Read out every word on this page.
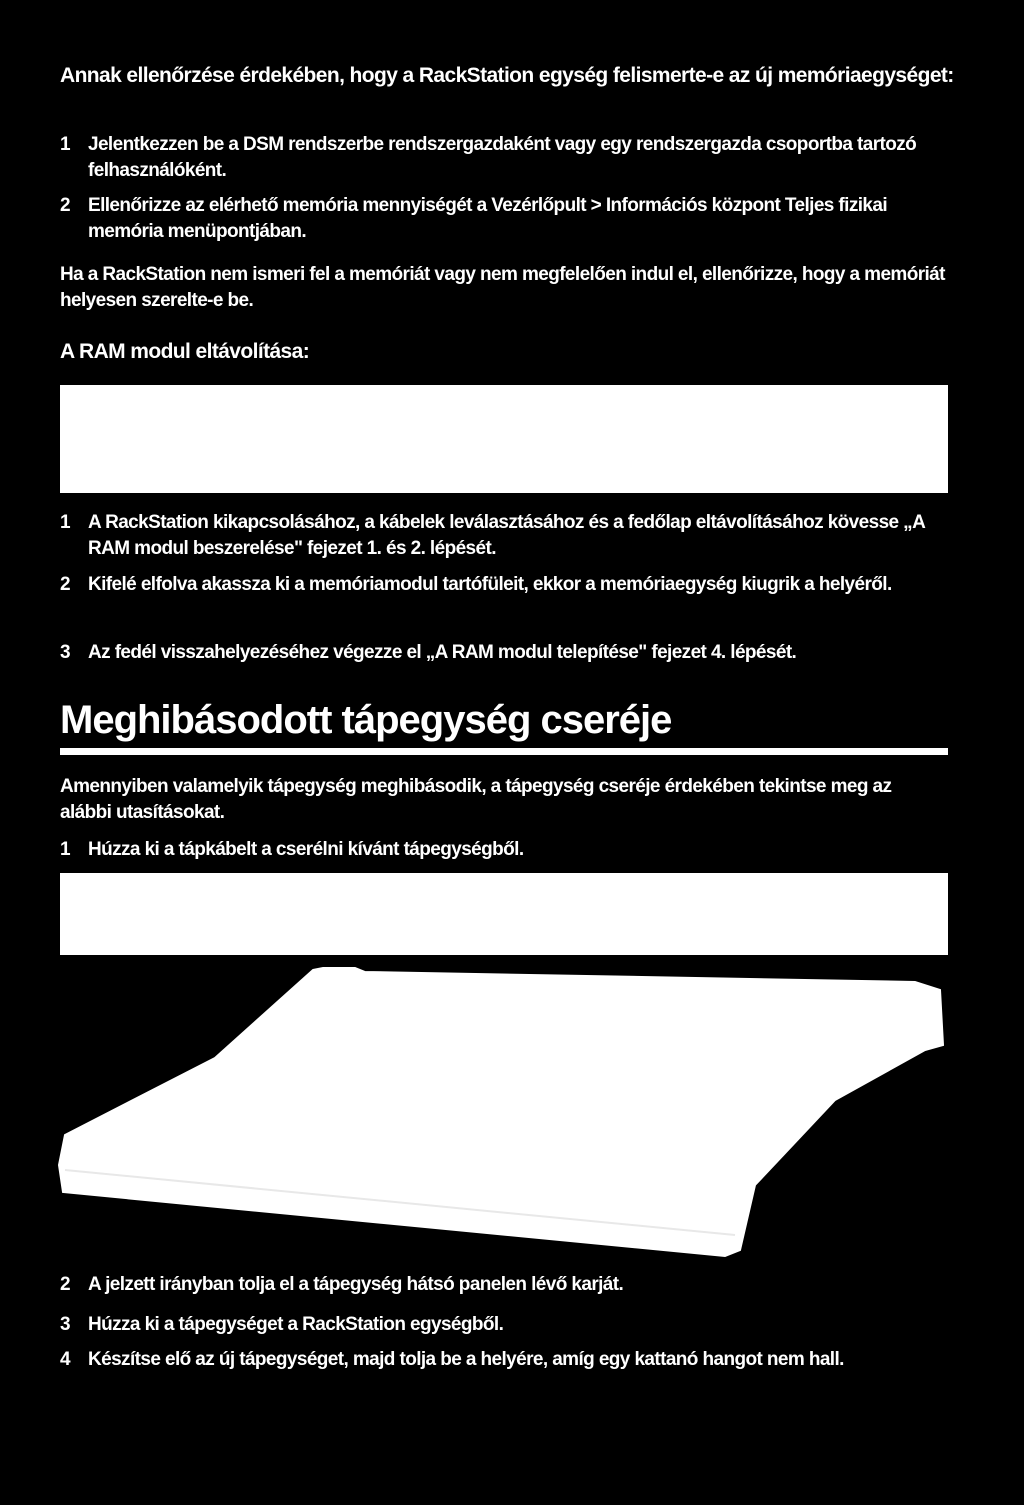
Annak ellenőrzése érdekében, hogy a RackStation egység felismerte-e az új memóriaegységet:
1 Jelentkezzen be a DSM rendszerbe rendszergazdaként vagy egy rendszergazda csoportba tartozó felhasználóként.
2 Ellenőrizze az elérhető memória mennyiségét a Vezérlőpult > Információs központ Teljes fizikai memória menüpontjában.
Ha a RackStation nem ismeri fel a memóriát vagy nem megfelelően indul el, ellenőrizze, hogy a memóriát helyesen szerelte-e be.
A RAM modul eltávolítása:
1 A RackStation kikapcsolásához, a kábelek leválasztásához és a fedőlap eltávolításához kövesse „A RAM modul beszerelése" fejezet 1. és 2. lépését.
2 Kifelé elfolva akassza ki a memóriamodul tartófüleit, ekkor a memóriaegység kiugrik a helyéről.
3 Az fedél visszahelyezéséhez végezze el „A RAM modul telepítése" fejezet 4. lépését.
Meghibásodott tápegység cseréje
Amennyiben valamelyik tápegység meghibásodik, a tápegység cseréje érdekében tekintse meg az alábbi utasításokat.
1 Húzza ki a tápkábelt a cserélni kívánt tápegységből.
2 A jelzett irányban tolja el a tápegység hátsó panelen lévő karját.
3 Húzza ki a tápegységet a RackStation egységből.
4 Készítse elő az új tápegységet, majd tolja be a helyére, amíg egy kattanó hangot nem hall.
